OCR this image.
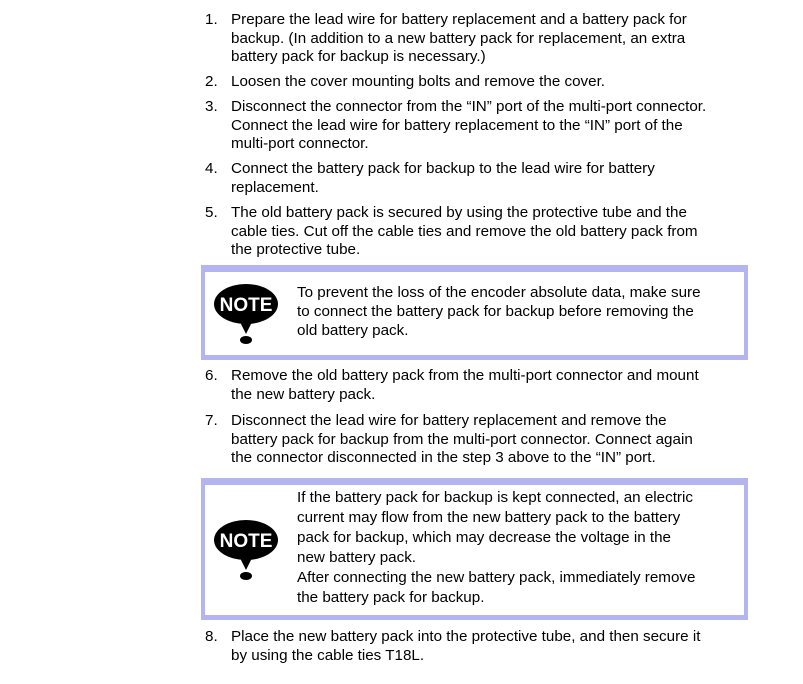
1. Prepare the lead wire for battery replacement and a battery pack for
backup. (In addition to a new battery pack for replacement, an extra
battery pack for backup is necessary.)
2. Loosen the cover mounting bolts and remove the cover.
3. Disconnect the connector from the “IN” port of the multi-port connector.
Connect the lead wire for battery replacement to the “IN” port of the
multi-port connector.
4. Connect the battery pack for backup to the lead wire for battery
replacement.
5. The old battery pack is secured by using the protective tube and the
cable ties. Cut off the cable ties and remove the old battery pack from
the protective tube.
NOTE
To prevent the loss of the encoder absolute data, make sure
to connect the battery pack for backup before removing the
old battery pack.
6. Remove the old battery pack from the multi-port connector and mount
the new battery pack.
7. Disconnect the lead wire for battery replacement and remove the
battery pack for backup from the multi-port connector. Connect again
the connector disconnected in the step 3 above to the “IN” port.
NOTE
If the battery pack for backup is kept connected, an electric
current may flow from the new battery pack to the battery
pack for backup, which may decrease the voltage in the
new battery pack.
After connecting the new battery pack, immediately remove
the battery pack for backup.
8. Place the new battery pack into the protective tube, and then secure it
by using the cable ties T18L.
